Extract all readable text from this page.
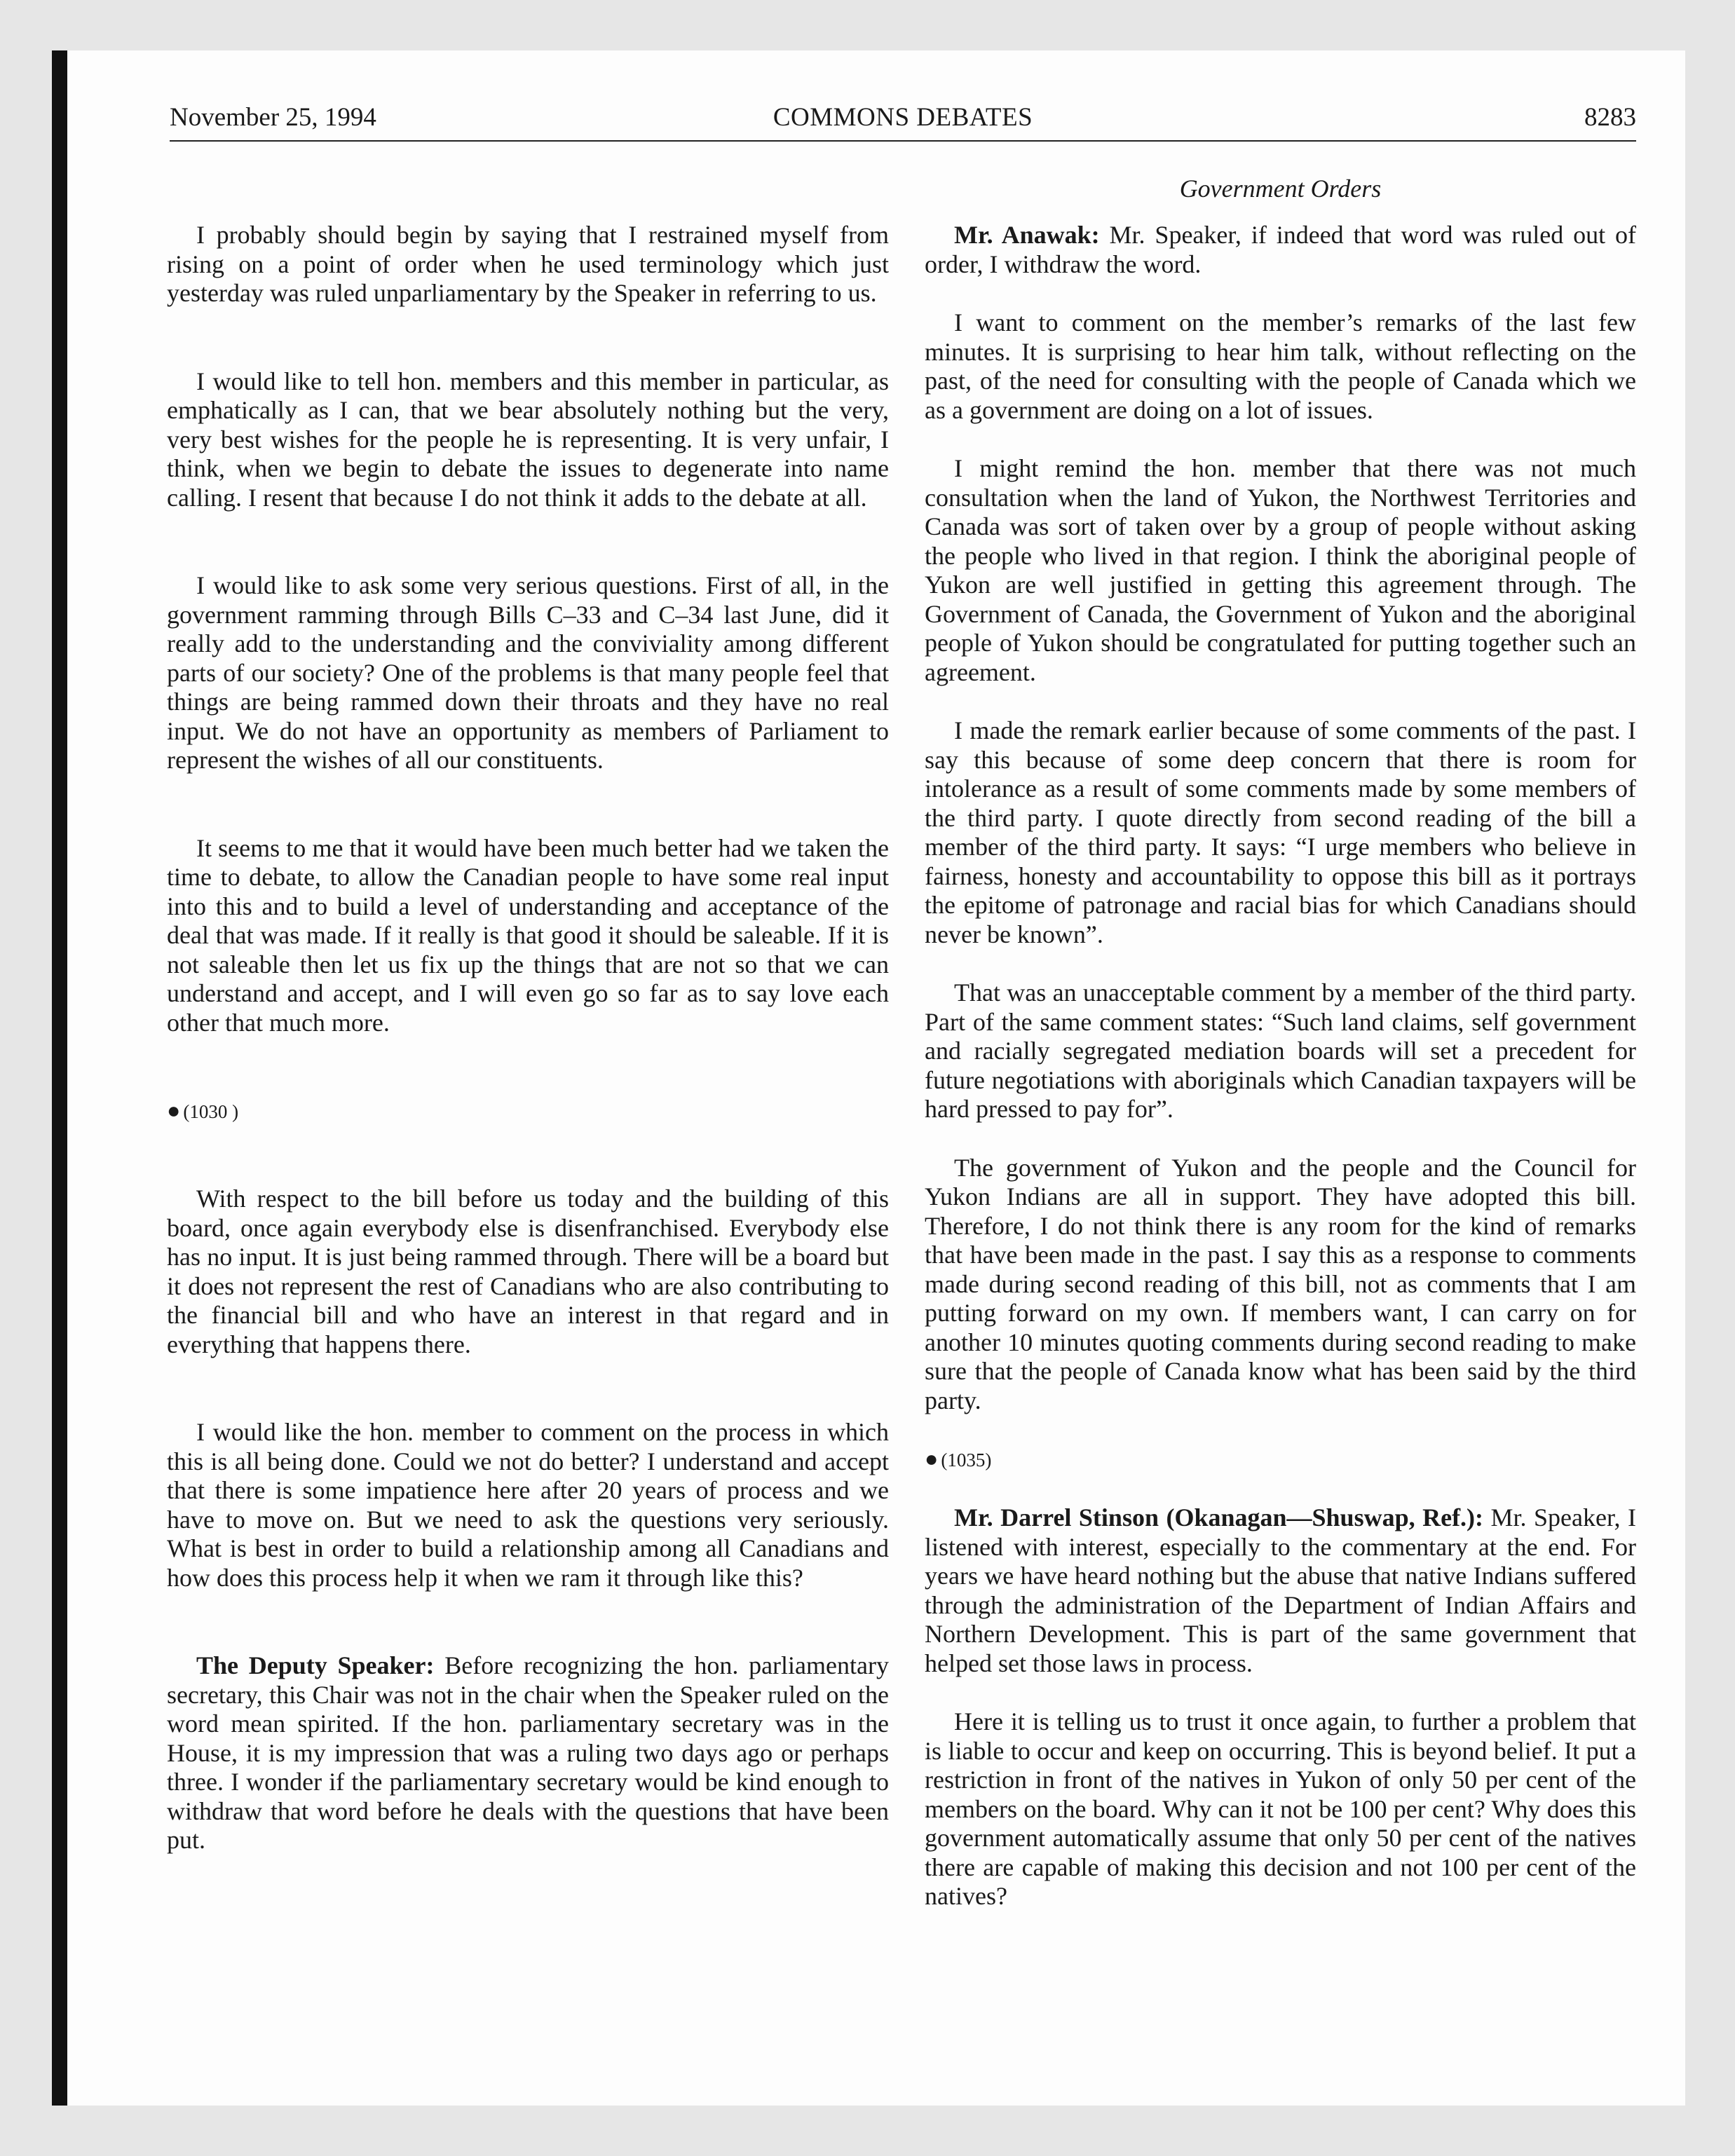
November 25, 1994	COMMONS DEBATES	8283
Government Orders

I probably should begin by saying that I restrained myself from rising on a point of order when he used terminology which just yesterday was ruled unparliamentary by the Speaker in referring to us.

I would like to tell hon. members and this member in particular, as emphatically as I can, that we bear absolutely nothing but the very, very best wishes for the people he is representing. It is very unfair, I think, when we begin to debate the issues to degenerate into name calling. I resent that because I do not think it adds to the debate at all.

I would like to ask some very serious questions. First of all, in the government ramming through Bills C–33 and C–34 last June, did it really add to the understanding and the conviviality among different parts of our society? One of the problems is that many people feel that things are being rammed down their throats and they have no real input. We do not have an opportunity as members of Parliament to represent the wishes of all our constituents.

It seems to me that it would have been much better had we taken the time to debate, to allow the Canadian people to have some real input into this and to build a level of understanding and acceptance of the deal that was made. If it really is that good it should be saleable. If it is not saleable then let us fix up the things that are not so that we can understand and accept, and I will even go so far as to say love each other that much more.

● (1030 )

With respect to the bill before us today and the building of this board, once again everybody else is disenfranchised. Everybody else has no input. It is just being rammed through. There will be a board but it does not represent the rest of Canadians who are also contributing to the financial bill and who have an interest in that regard and in everything that happens there.

I would like the hon. member to comment on the process in which this is all being done. Could we not do better? I understand and accept that there is some impatience here after 20 years of process and we have to move on. But we need to ask the questions very seriously. What is best in order to build a relationship among all Canadians and how does this process help it when we ram it through like this?

The Deputy Speaker: Before recognizing the hon. parliamentary secretary, this Chair was not in the chair when the Speaker ruled on the word mean spirited. If the hon. parliamentary secretary was in the House, it is my impression that was a ruling two days ago or perhaps three. I wonder if the parliamentary secretary would be kind enough to withdraw that word before he deals with the questions that have been put.

Mr. Anawak: Mr. Speaker, if indeed that word was ruled out of order, I withdraw the word.

I want to comment on the member’s remarks of the last few minutes. It is surprising to hear him talk, without reflecting on the past, of the need for consulting with the people of Canada which we as a government are doing on a lot of issues.

I might remind the hon. member that there was not much consultation when the land of Yukon, the Northwest Territories and Canada was sort of taken over by a group of people without asking the people who lived in that region. I think the aboriginal people of Yukon are well justified in getting this agreement through. The Government of Canada, the Government of Yukon and the aboriginal people of Yukon should be congratulated for putting together such an agreement.

I made the remark earlier because of some comments of the past. I say this because of some deep concern that there is room for intolerance as a result of some comments made by some members of the third party. I quote directly from second reading of the bill a member of the third party. It says: “I urge members who believe in fairness, honesty and accountability to oppose this bill as it portrays the epitome of patronage and racial bias for which Canadians should never be known”.

That was an unacceptable comment by a member of the third party. Part of the same comment states: “Such land claims, self government and racially segregated mediation boards will set a precedent for future negotiations with aboriginals which Canadian taxpayers will be hard pressed to pay for”.

The government of Yukon and the people and the Council for Yukon Indians are all in support. They have adopted this bill. Therefore, I do not think there is any room for the kind of remarks that have been made in the past. I say this as a response to comments made during second reading of this bill, not as comments that I am putting forward on my own. If members want, I can carry on for another 10 minutes quoting comments during second reading to make sure that the people of Canada know what has been said by the third party.

● (1035)

Mr. Darrel Stinson (Okanagan—Shuswap, Ref.): Mr. Speaker, I listened with interest, especially to the commentary at the end. For years we have heard nothing but the abuse that native Indians suffered through the administration of the Department of Indian Affairs and Northern Development. This is part of the same government that helped set those laws in process.

Here it is telling us to trust it once again, to further a problem that is liable to occur and keep on occurring. This is beyond belief. It put a restriction in front of the natives in Yukon of only 50 per cent of the members on the board. Why can it not be 100 per cent? Why does this government automatically assume that only 50 per cent of the natives there are capable of making this decision and not 100 per cent of the natives?
